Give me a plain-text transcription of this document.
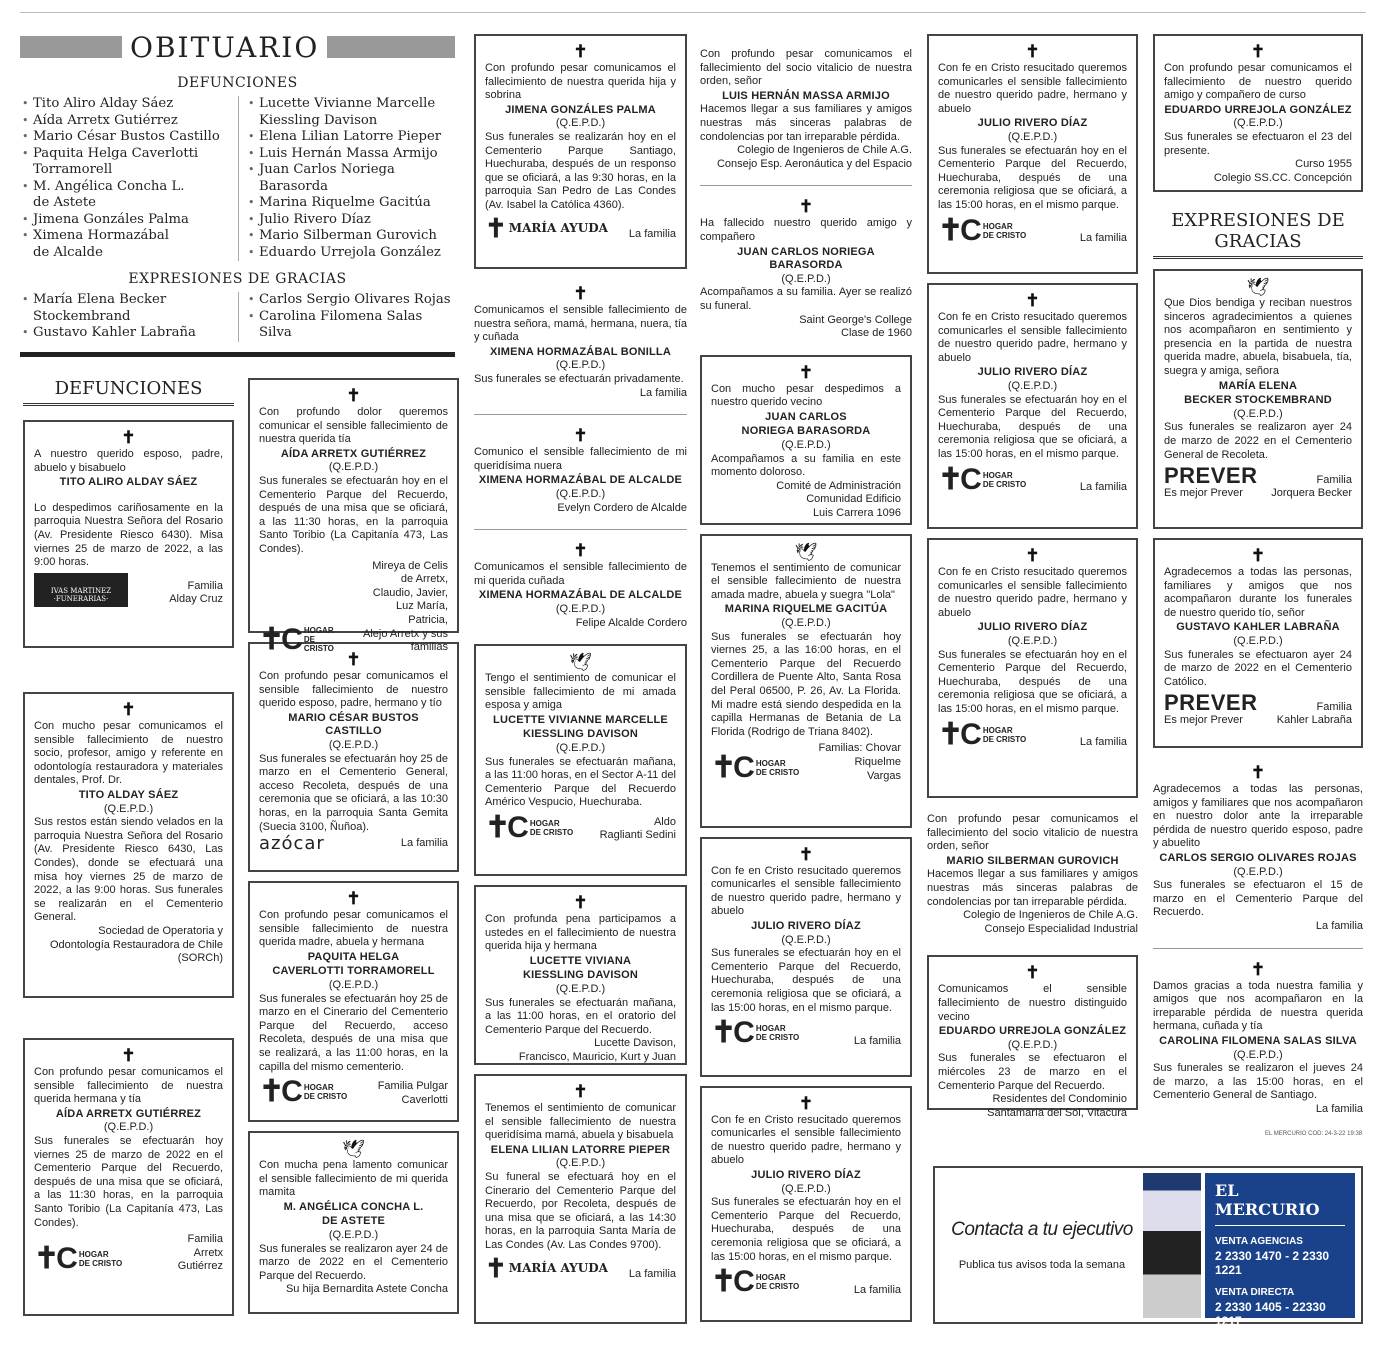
OBITUARIO
DEFUNCIONES
• Tito Aliro Alday Sáez
• Aída Arretx Gutiérrez
• Mario César Bustos Castillo
• Paquita Helga Caverlotti
Torramorell
• M. Angélica Concha L.
de Astete
• Jimena Gonzáles Palma
• Ximena Hormazábal
de Alcalde
• Lucette Vivianne Marcelle
Kiessling Davison
• Elena Lilian Latorre Pieper
• Luis Hernán Massa Armijo
• Juan Carlos Noriega Barasorda
• Marina Riquelme Gacitúa
• Julio Rivero Díaz
• Mario Silberman Gurovich
• Eduardo Urrejola González
EXPRESIONES DE GRACIAS
• María Elena Becker Stockembrand
• Gustavo Kahler Labraña
• Carlos Sergio Olivares Rojas
• Carolina Filomena Salas Silva
DEFUNCIONES
✝
A nuestro querido esposo, padre, abuelo y bisabuelo
TITO ALIRO ALDAY SÁEZ
Lo despedimos cariñosamente en la parroquia Nuestra Señora del Rosario (Av. Presidente Riesco 6430). Misa viernes 25 de marzo de 2022, a las 9:00 horas.
IVAS MARTINEZ
·FUNERARIAS·
Familia
Alday Cruz
✝
Con mucho pesar comunicamos el sensible fallecimiento de nuestro socio, profesor, amigo y referente en odontología restauradora y materiales dentales, Prof. Dr.
TITO ALDAY SÁEZ
(Q.E.P.D.)
Sus restos están siendo velados en la parroquia Nuestra Señora del Rosario (Av. Presidente Riesco 6430, Las Condes), donde se efectuará una misa hoy viernes 25 de marzo de 2022, a las 9:00 horas. Sus funerales se realizarán en el Cementerio General.
Sociedad de Operatoria y
Odontología Restauradora de Chile
(SORCh)
✝
Con profundo pesar comunicamos el sensible fallecimiento de nuestra querida hermana y tía
AÍDA ARRETX GUTIÉRREZ
(Q.E.P.D.)
Sus funerales se efectuarán hoy viernes 25 de marzo de 2022 en el Cementerio Parque del Recuerdo, después de una misa que se oficiará, a las 11:30 horas, en la parroquia Santo Toribio (La Capitanía 473, Las Condes).
✝C HOGAR
DE CRISTO
Familia
Arretx
Gutiérrez
✝
Con profundo dolor queremos comunicar el sensible fallecimiento de nuestra querida tía
AÍDA ARRETX GUTIÉRREZ
(Q.E.P.D.)
Sus funerales se efectuarán hoy en el Cementerio Parque del Recuerdo, después de una misa que se oficiará, a las 11:30 horas, en la parroquia Santo Toribio (La Capitanía 473, Las Condes).
✝C HOGAR
DE CRISTO
Mireya de Celis
de Arretx,
Claudio, Javier,
Luz María,
Patricia,
Alejo Arretx y sus familias
✝
Con profundo pesar comunicamos el sensible fallecimiento de nuestro querido esposo, padre, hermano y tío
MARIO CÉSAR BUSTOS CASTILLO
(Q.E.P.D.)
Sus funerales se efectuarán hoy 25 de marzo en el Cementerio General, acceso Recoleta, después de una ceremonia que se oficiará, a las 10:30 horas, en la parroquia Santa Gemita (Suecia 3100, Ñuñoa).
azócar	La familia
✝
Con profundo pesar comunicamos el sensible fallecimiento de nuestra querida madre, abuela y hermana
PAQUITA HELGA
CAVERLOTTI TORRAMORELL
(Q.E.P.D.)
Sus funerales se efectuarán hoy 25 de marzo en el Cinerario del Cementerio Parque del Recuerdo, acceso Recoleta, después de una misa que se realizará, a las 11:00 horas, en la capilla del mismo cementerio.
✝C HOGAR
DE CRISTO
Familia Pulgar
Caverlotti
🕊
Con mucha pena lamento comunicar el sensible fallecimiento de mi querida mamita
M. ANGÉLICA CONCHA L.
DE ASTETE
(Q.E.P.D.)
Sus funerales se realizaron ayer 24 de marzo de 2022 en el Cementerio Parque del Recuerdo.
Su hija Bernardita Astete Concha
✝
Con profundo pesar comunicamos el fallecimiento de nuestra querida hija y sobrina
JIMENA GONZÁLES PALMA
(Q.E.P.D.)
Sus funerales se realizarán hoy en el Cementerio Parque Santiago, Huechuraba, después de un responso que se oficiará, a las 9:30 horas, en la parroquia San Pedro de Las Condes (Av. Isabel la Católica 4360).
✝ MARÍA AYUDA La familia
✝
Comunicamos el sensible fallecimiento de nuestra señora, mamá, hermana, nuera, tía y cuñada
XIMENA HORMAZÁBAL BONILLA
(Q.E.P.D.)
Sus funerales se efectuarán privadamente.
La familia
✝
Comunico el sensible fallecimiento de mi queridísima nuera
XIMENA HORMAZÁBAL DE ALCALDE
(Q.E.P.D.)
Evelyn Cordero de Alcalde
✝
Comunicamos el sensible fallecimiento de mi querida cuñada
XIMENA HORMAZÁBAL DE ALCALDE
(Q.E.P.D.)
Felipe Alcalde Cordero
🕊
Tengo el sentimiento de comunicar el sensible fallecimiento de mi amada esposa y amiga
LUCETTE VIVIANNE MARCELLE
KIESSLING DAVISON
(Q.E.P.D.)
Sus funerales se efectuarán mañana, a las 11:00 horas, en el Sector A-11 del Cementerio Parque del Recuerdo Américo Vespucio, Huechuraba.
✝C HOGAR
DE CRISTO
Aldo
Raglianti Sedini
✝
Con profunda pena participamos a ustedes en el fallecimiento de nuestra querida hija y hermana
LUCETTE VIVIANA
KIESSLING DAVISON
(Q.E.P.D.)
Sus funerales se efectuarán mañana, a las 11:00 horas, en el oratorio del Cementerio Parque del Recuerdo.
Lucette Davison,
Francisco, Mauricio, Kurt y Juan
✝
Tenemos el sentimiento de comunicar el sensible fallecimiento de nuestra queridísima mamá, abuela y bisabuela
ELENA LILIAN LATORRE PIEPER
(Q.E.P.D.)
Su funeral se efectuará hoy en el Cinerario del Cementerio Parque del Recuerdo, por Recoleta, después de una misa que se oficiará, a las 14:30 horas, en la parroquia Santa María de Las Condes (Av. Las Condes 9700).
✝ MARÍA AYUDA La familia
Con profundo pesar comunicamos el fallecimiento del socio vitalicio de nuestra orden, señor
LUIS HERNÁN MASSA ARMIJO
Hacemos llegar a sus familiares y amigos nuestras más sinceras palabras de condolencias por tan irreparable pérdida.
Colegio de Ingenieros de Chile A.G.
Consejo Esp. Aeronáutica y del Espacio
✝
Ha fallecido nuestro querido amigo y compañero
JUAN CARLOS NORIEGA BARASORDA
(Q.E.P.D.)
Acompañamos a su familia. Ayer se realizó su funeral.
Saint George's College
Clase de 1960
✝
Con mucho pesar despedimos a nuestro querido vecino
JUAN CARLOS
NORIEGA BARASORDA
(Q.E.P.D.)
Acompañamos a su familia en este momento doloroso.
Comité de Administración
Comunidad Edificio
Luis Carrera 1096
🕊
Tenemos el sentimiento de comunicar el sensible fallecimiento de nuestra amada madre, abuela y suegra "Lola"
MARINA RIQUELME GACITÚA
(Q.E.P.D.)
Sus funerales se efectuarán hoy viernes 25, a las 16:00 horas, en el Cementerio Parque del Recuerdo Cordillera de Puente Alto, Santa Rosa del Peral 06500, P. 26, Av. La Florida. Mi madre está siendo despedida en la capilla Hermanas de Betania de La Florida (Rodrigo de Triana 8402).
✝C HOGAR
DE CRISTO
Familias: Chovar
Riquelme
Vargas
✝
Con fe en Cristo resucitado queremos comunicarles el sensible fallecimiento de nuestro querido padre, hermano y abuelo
JULIO RIVERO DÍAZ
(Q.E.P.D.)
Sus funerales se efectuarán hoy en el Cementerio Parque del Recuerdo, Huechuraba, después de una ceremonia religiosa que se oficiará, a las 15:00 horas, en el mismo parque.
✝C HOGAR
DE CRISTO	La familia
✝
Con fe en Cristo resucitado queremos comunicarles el sensible fallecimiento de nuestro querido padre, hermano y abuelo
JULIO RIVERO DÍAZ
(Q.E.P.D.)
Sus funerales se efectuarán hoy en el Cementerio Parque del Recuerdo, Huechuraba, después de una ceremonia religiosa que se oficiará, a las 15:00 horas, en el mismo parque.
✝C HOGAR
DE CRISTO	La familia
✝
Con fe en Cristo resucitado queremos comunicarles el sensible fallecimiento de nuestro querido padre, hermano y abuelo
JULIO RIVERO DÍAZ
(Q.E.P.D.)
Sus funerales se efectuarán hoy en el Cementerio Parque del Recuerdo, Huechuraba, después de una ceremonia religiosa que se oficiará, a las 15:00 horas, en el mismo parque.
✝C HOGAR
DE CRISTO	La familia
✝
Con fe en Cristo resucitado queremos comunicarles el sensible fallecimiento de nuestro querido padre, hermano y abuelo
JULIO RIVERO DÍAZ
(Q.E.P.D.)
Sus funerales se efectuarán hoy en el Cementerio Parque del Recuerdo, Huechuraba, después de una ceremonia religiosa que se oficiará, a las 15:00 horas, en el mismo parque.
✝C HOGAR
DE CRISTO	La familia
✝
Con fe en Cristo resucitado queremos comunicarles el sensible fallecimiento de nuestro querido padre, hermano y abuelo
JULIO RIVERO DÍAZ
(Q.E.P.D.)
Sus funerales se efectuarán hoy en el Cementerio Parque del Recuerdo, Huechuraba, después de una ceremonia religiosa que se oficiará, a las 15:00 horas, en el mismo parque.
✝C HOGAR
DE CRISTO	La familia
Con profundo pesar comunicamos el fallecimiento del socio vitalicio de nuestra orden, señor
MARIO SILBERMAN GUROVICH
Hacemos llegar a sus familiares y amigos nuestras más sinceras palabras de condolencias por tan irreparable pérdida.
Colegio de Ingenieros de Chile A.G.
Consejo Especialidad Industrial
✝
Comunicamos el sensible fallecimiento de nuestro distinguido vecino
EDUARDO URREJOLA GONZÁLEZ
(Q.E.P.D.)
Sus funerales se efectuaron el miércoles 23 de marzo en el Cementerio Parque del Recuerdo.
Residentes del Condominio
Santamaría del Sol, Vitacura
✝
Con profundo pesar comunicamos el fallecimiento de nuestro querido amigo y compañero de curso
EDUARDO URREJOLA GONZÁLEZ
(Q.E.P.D.)
Sus funerales se efectuaron el 23 del presente.
Curso 1955
Colegio SS.CC. Concepción
EXPRESIONES DE GRACIAS
🕊
Que Dios bendiga y reciban nuestros sinceros agradecimientos a quienes nos acompañaron en sentimiento y presencia en la partida de nuestra querida madre, abuela, bisabuela, tía, suegra y amiga, señora
MARÍA ELENA
BECKER STOCKEMBRAND
(Q.E.P.D.)
Sus funerales se realizaron ayer 24 de marzo de 2022 en el Cementerio General de Recoleta.
PREVER
Es mejor Prever
Familia
Jorquera Becker
✝
Agradecemos a todas las personas, familiares y amigos que nos acompañaron durante los funerales de nuestro querido tío, señor
GUSTAVO KAHLER LABRAÑA
(Q.E.P.D.)
Sus funerales se efectuaron ayer 24 de marzo de 2022 en el Cementerio Católico.
PREVER
Es mejor Prever
Familia
Kahler Labraña
✝
Agradecemos a todas las personas, amigos y familiares que nos acompañaron en nuestro dolor ante la irreparable pérdida de nuestro querido esposo, padre y abuelito
CARLOS SERGIO OLIVARES ROJAS
(Q.E.P.D.)
Sus funerales se efectuaron el 15 de marzo en el Cementerio Parque del Recuerdo.
La familia
✝
Damos gracias a toda nuestra familia y amigos que nos acompañaron en la irreparable pérdida de nuestra querida hermana, cuñada y tía
CAROLINA FILOMENA SALAS SILVA
(Q.E.P.D.)
Sus funerales se realizaron el jueves 24 de marzo, a las 15:00 horas, en el Cementerio General de Santiago.
La familia
EL MERCURIO COD: 24-3-22 19:38
Contacta a tu ejecutivo
Publica tus avisos toda la semana
EL MERCURIO
VENTA AGENCIAS
2 2330 1470 - 2 2330 1221
VENTA DIRECTA
2 2330 1405 - 22330 1217
